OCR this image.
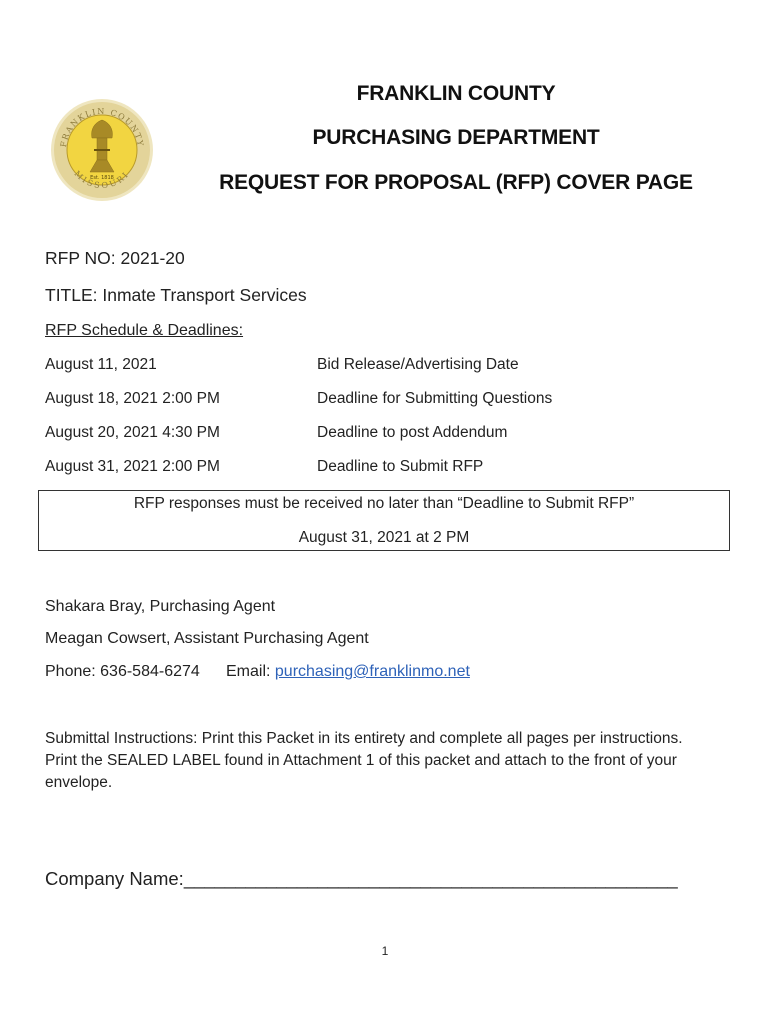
FRANKLIN COUNTY
MISSOURI
Est. 1818
FRANKLIN COUNTY
PURCHASING DEPARTMENT
REQUEST FOR PROPOSAL (RFP) COVER PAGE
RFP NO: 2021-20
TITLE: Inmate Transport Services
RFP Schedule & Deadlines:
August 11, 2021	Bid Release/Advertising Date
August 18, 2021 2:00 PM	Deadline for Submitting Questions
August 20, 2021 4:30 PM	Deadline to post Addendum
August 31, 2021 2:00 PM	Deadline to Submit RFP
RFP responses must be received no later than “Deadline to Submit RFP”
August 31, 2021 at 2 PM
Shakara Bray, Purchasing Agent
Meagan Cowsert, Assistant Purchasing Agent
Phone: 636-584-6274 Email: purchasing@franklinmo.net
Submittal Instructions: Print this Packet in its entirety and complete all pages per instructions.
Print the SEALED LABEL found in Attachment 1 of this packet and attach to the front of your
envelope.
Company Name:________________________________________________
1
